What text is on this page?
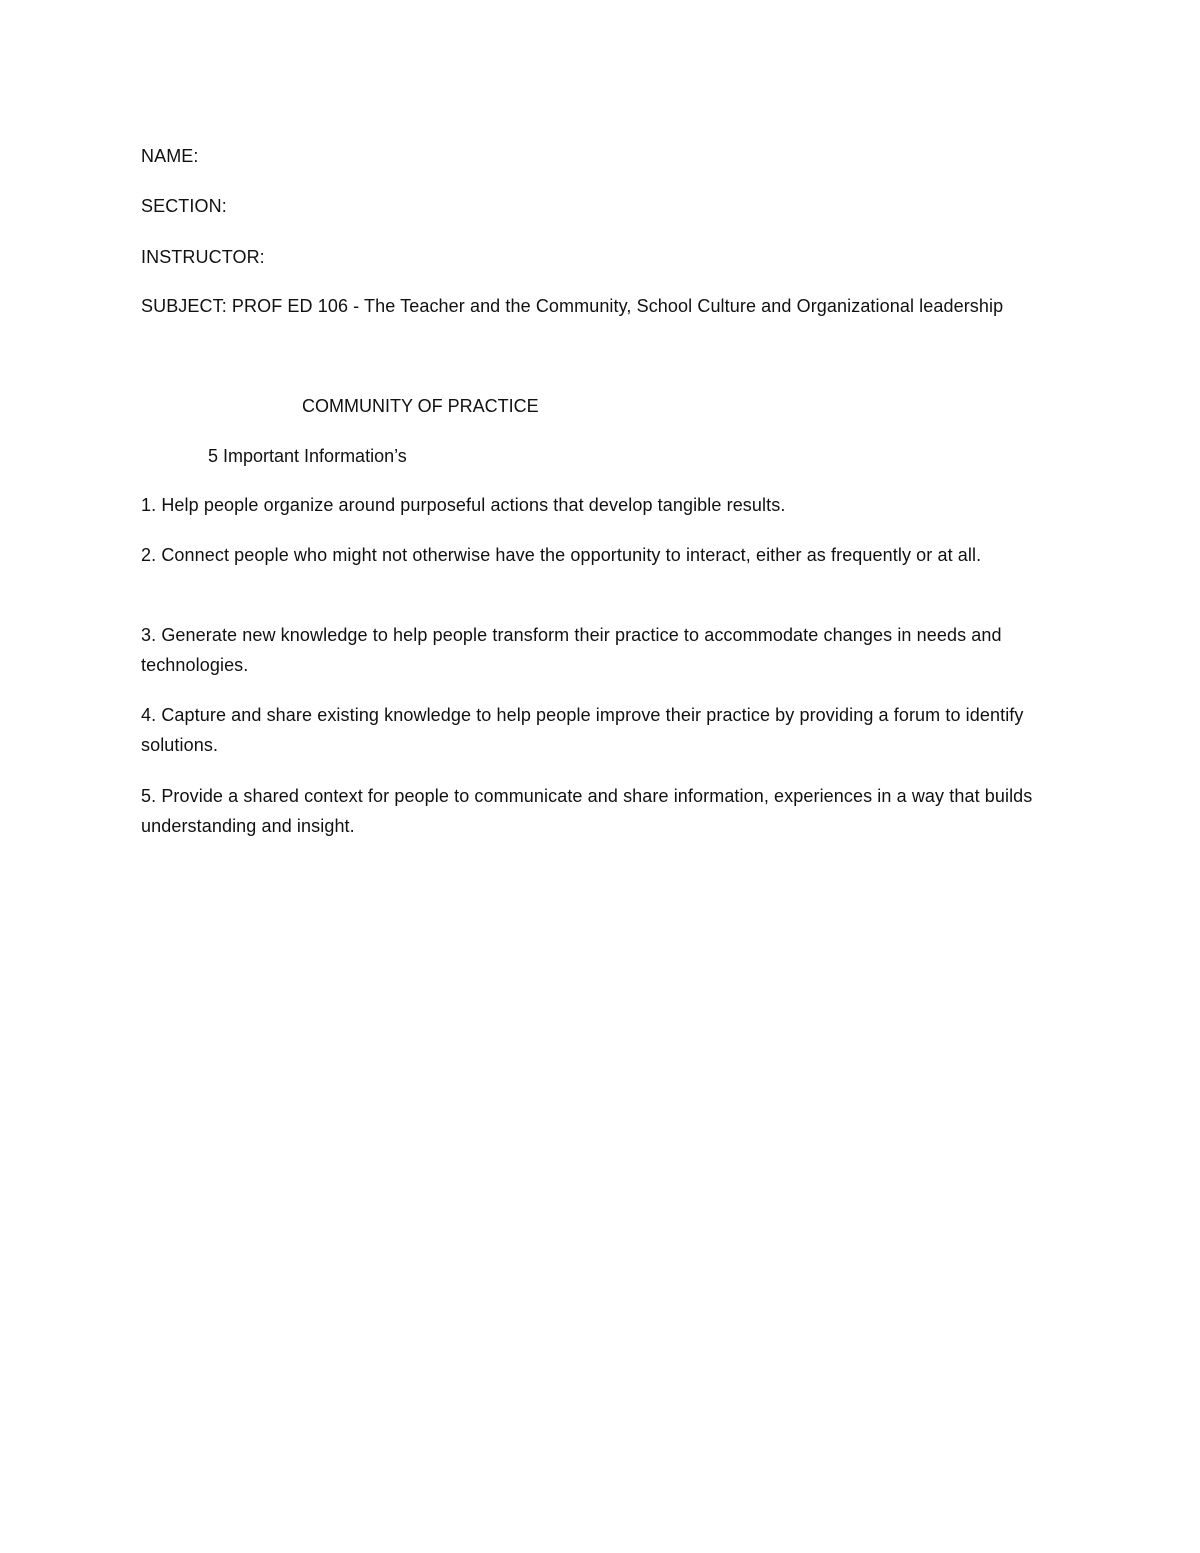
NAME:
SECTION:
INSTRUCTOR:
SUBJECT: PROF ED 106 - The Teacher and the Community, School Culture and Organizational leadership
COMMUNITY OF PRACTICE
5 Important Information’s
1. Help people organize around purposeful actions that develop tangible results.
2. Connect people who might not otherwise have the opportunity to interact, either as frequently or at all.
3. Generate new knowledge to help people transform their practice to accommodate changes in needs and technologies.
4. Capture and share existing knowledge to help people improve their practice by providing a forum to identify solutions.
5. Provide a shared context for people to communicate and share information, experiences in a way that builds understanding and insight.
